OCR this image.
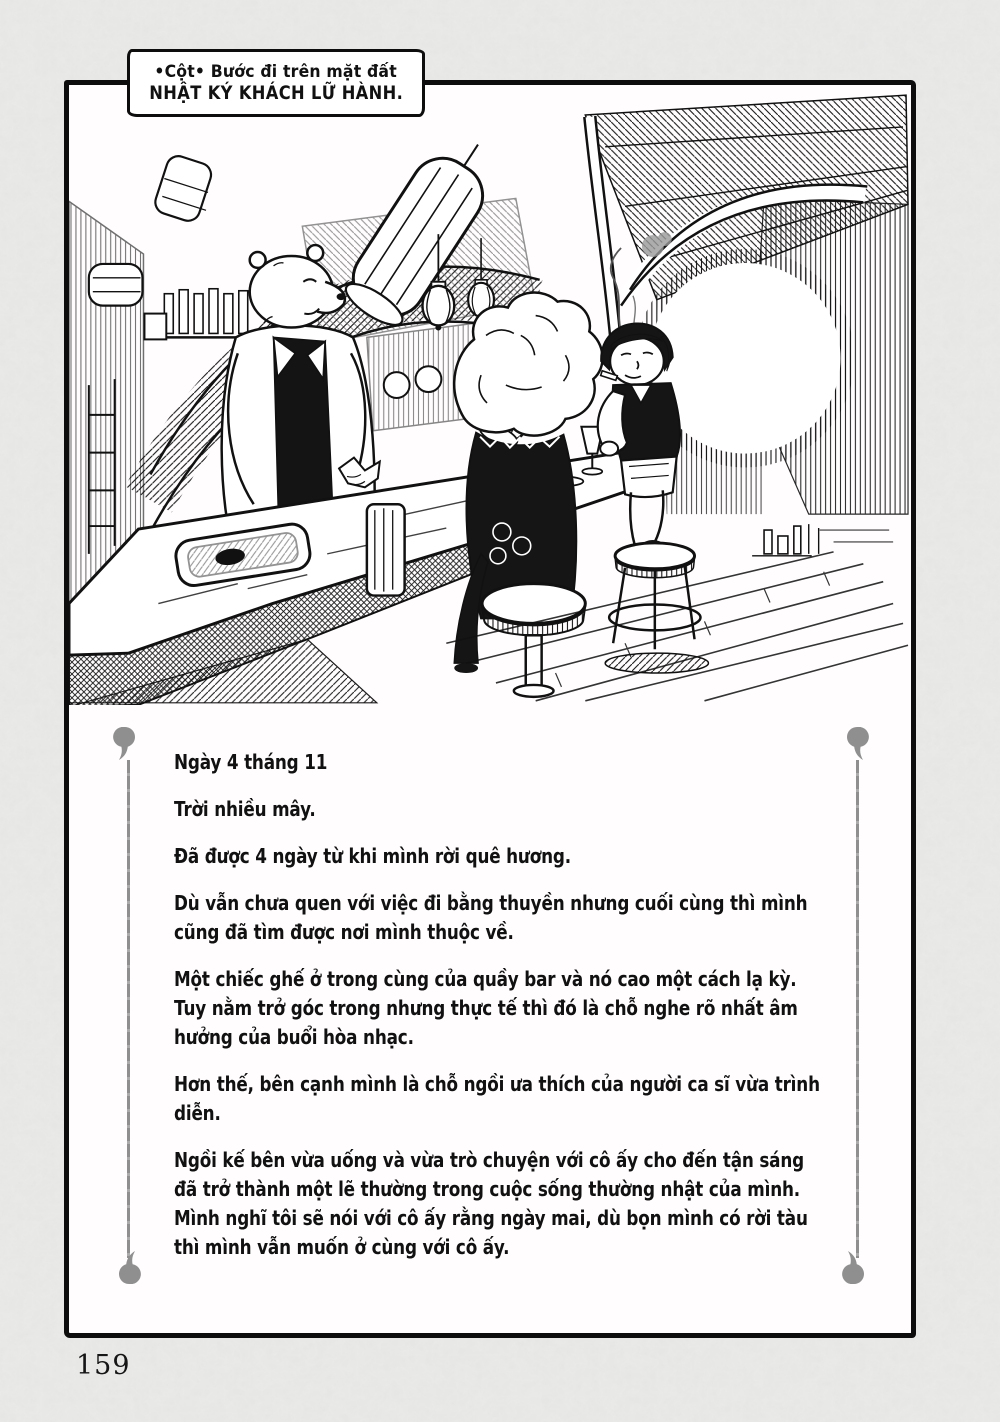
•Cột• Bước đi trên mặt đất
NHẬT KÝ KHÁCH LỮ HÀNH.
Ngày 4 tháng 11
Trời nhiều mây.
Đã được 4 ngày từ khi mình rời quê hương.
Dù vẫn chưa quen với việc đi bằng thuyền nhưng cuối cùng thì mình
cũng đã tìm được nơi mình thuộc về.
Một chiếc ghế ở trong cùng của quầy bar và nó cao một cách lạ kỳ.
Tuy nằm trở góc trong nhưng thực tế thì đó là chỗ nghe rõ nhất âm
hưởng của buổi hòa nhạc.
Hơn thế, bên cạnh mình là chỗ ngồi ưa thích của người ca sĩ vừa trình
diễn.
Ngồi kế bên vừa uống và vừa trò chuyện với cô ấy cho đến tận sáng
đã trở thành một lẽ thường trong cuộc sống thường nhật của mình.
Mình nghĩ tôi sẽ nói với cô ấy rằng ngày mai, dù bọn mình có rời tàu
thì mình vẫn muốn ở cùng với cô ấy.
159
